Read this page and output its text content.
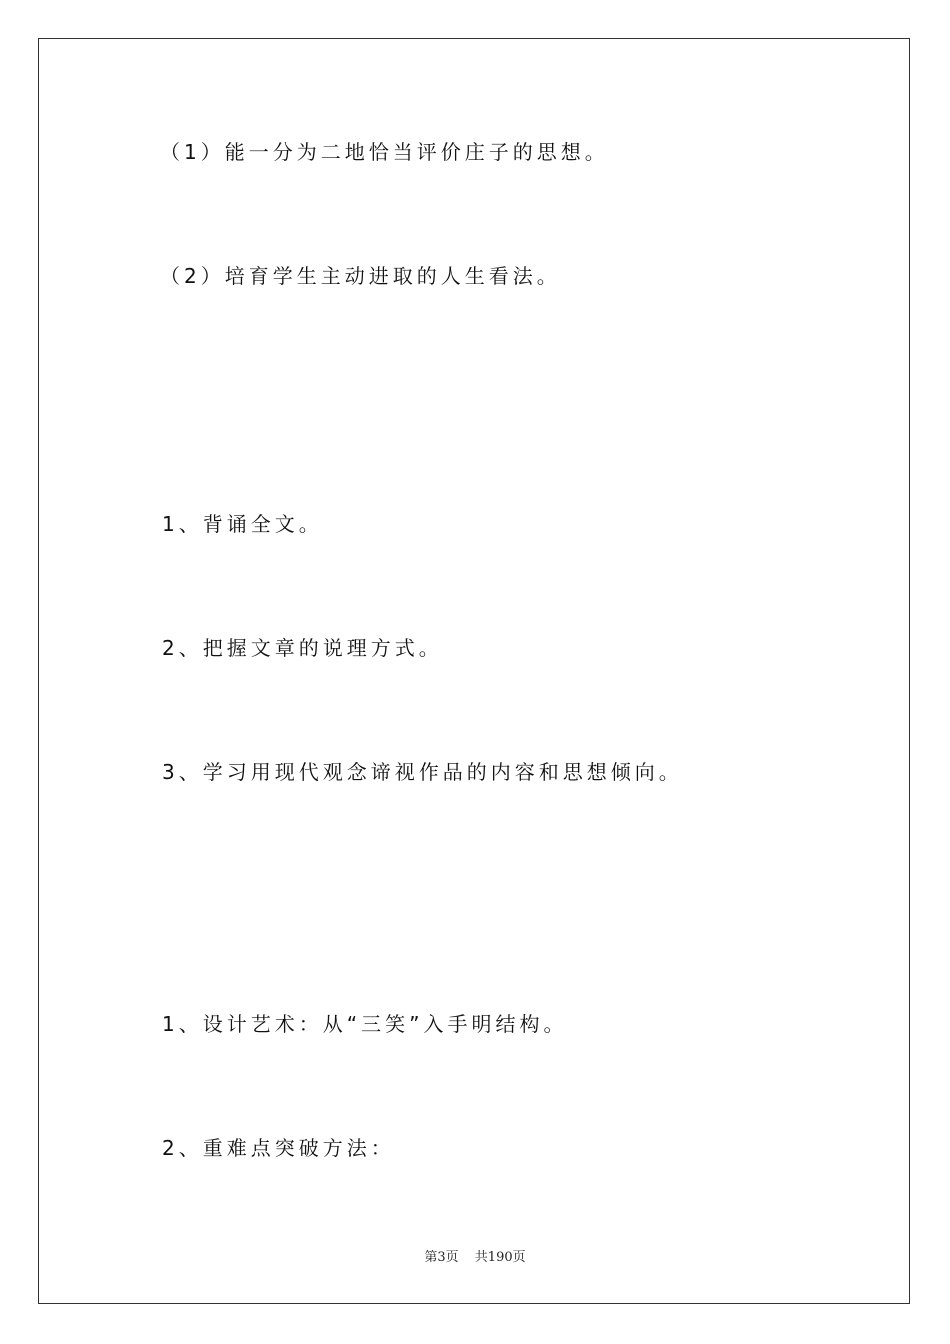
（1）能一分为二地恰当评价庄子的思想。
（2）培育学生主动进取的人生看法。
1、背诵全文。
2、把握文章的说理方式。
3、学习用现代观念谛视作品的内容和思想倾向。
1、设计艺术：从“三笑”入手明结构。
2、重难点突破方法：
第3页 共190页
